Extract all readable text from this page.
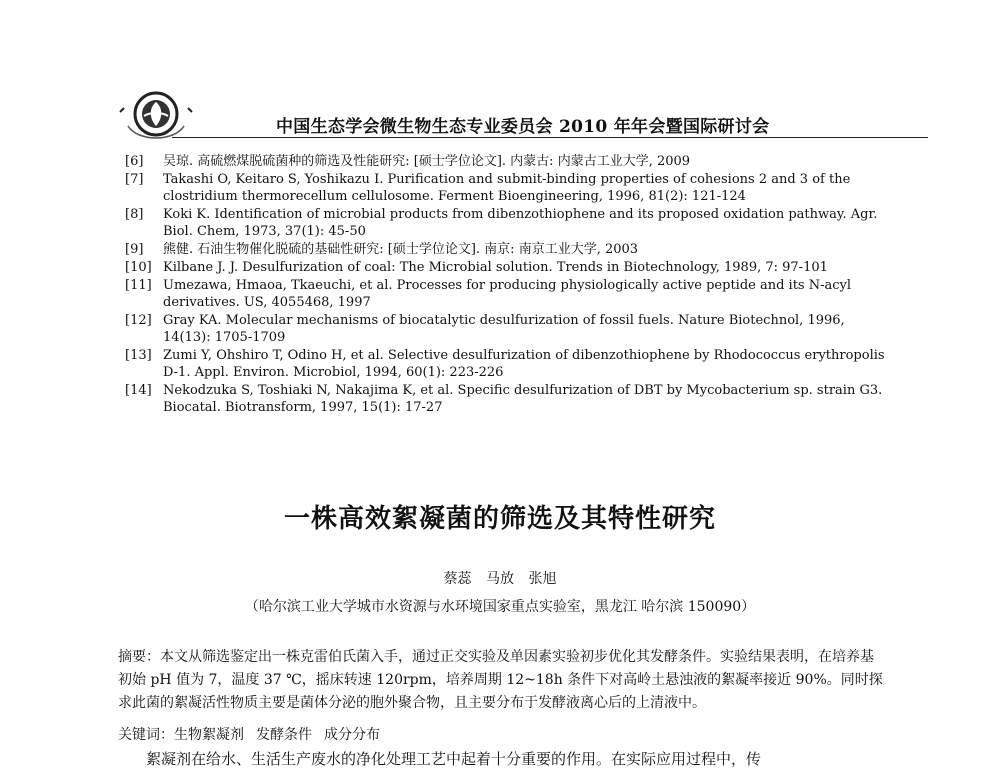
中国生态学会微生物生态专业委员会 2010 年年会暨国际研讨会
[6]	吴琼. 高硫燃煤脱硫菌种的筛选及性能研究: [硕士学位论文]. 内蒙古: 内蒙古工业大学, 2009
[7]	Takashi O, Keitaro S, Yoshikazu I. Purification and submit-binding properties of cohesions 2 and 3 of the clostridium thermorecellum cellulosome. Ferment Bioengineering, 1996, 81(2): 121-124
[8]	Koki K. Identification of microbial products from dibenzothiophene and its proposed oxidation pathway. Agr. Biol. Chem, 1973, 37(1): 45-50
[9]	熊健. 石油生物催化脱硫的基础性研究: [硕士学位论文]. 南京: 南京工业大学, 2003
[10] Kilbane J. J. Desulfurization of coal: The Microbial solution. Trends in Biotechnology, 1989, 7: 97-101
[11] Umezawa, Hmaoa, Tkaeuchi, et al. Processes for producing physiologically active peptide and its N-acyl derivatives. US, 4055468, 1997
[12] Gray KA. Molecular mechanisms of biocatalytic desulfurization of fossil fuels. Nature Biotechnol, 1996, 14(13): 1705-1709
[13] Zumi Y, Ohshiro T, Odino H, et al. Selective desulfurization of dibenzothiophene by Rhodococcus erythropolis D-1. Appl. Environ. Microbiol, 1994, 60(1): 223-226
[14] Nekodzuka S, Toshiaki N, Nakajima K, et al. Specific desulfurization of DBT by Mycobacterium sp. strain G3. Biocatal. Biotransform, 1997, 15(1): 17-27
一株高效絮凝菌的筛选及其特性研究
蔡蕊 马放 张旭
（哈尔滨工业大学城市水资源与水环境国家重点实验室，黑龙江 哈尔滨 150090）
摘要：本文从筛选鉴定出一株克雷伯氏菌入手，通过正交实验及单因素实验初步优化其发酵条件。实验结果表明，在培养基初始 pH 值为 7，温度 37 ℃，摇床转速 120rpm，培养周期 12~18h 条件下对高岭土悬浊液的絮凝率接近 90%。同时探求此菌的絮凝活性物质主要是菌体分泌的胞外聚合物，且主要分布于发酵液离心后的上清液中。
关键词：生物絮凝剂 发酵条件 成分分布
絮凝剂在给水、生活生产废水的净化处理工艺中起着十分重要的作用。在实际应用过程中，传
